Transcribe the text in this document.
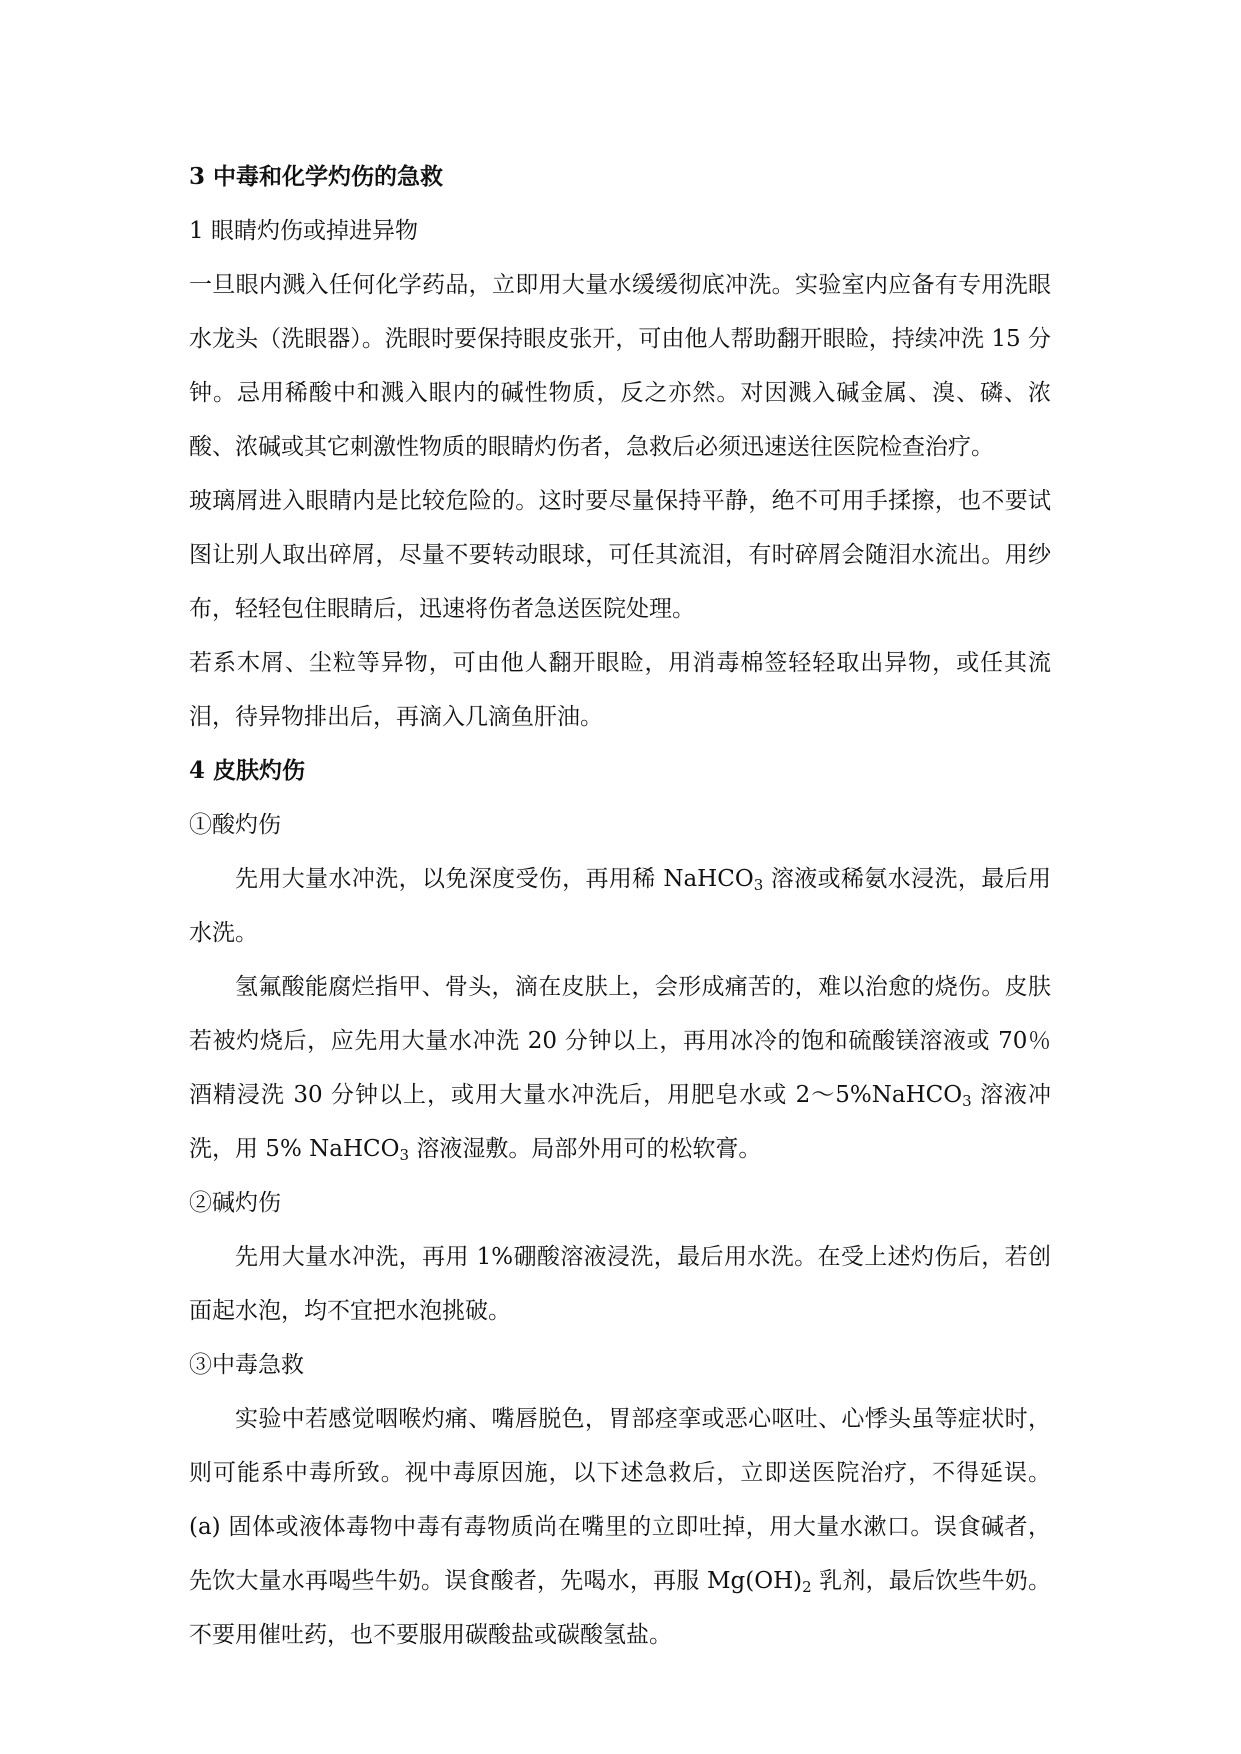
3 中毒和化学灼伤的急救

1 眼睛灼伤或掉进异物

一旦眼内溅入任何化学药品，立即用大量水缓缓彻底冲洗。实验室内应备有专用洗眼水龙头（洗眼器）。洗眼时要保持眼皮张开，可由他人帮助翻开眼睑，持续冲洗 15 分钟。忌用稀酸中和溅入眼内的碱性物质，反之亦然。对因溅入碱金属、溴、磷、浓酸、浓碱或其它刺激性物质的眼睛灼伤者，急救后必须迅速送往医院检查治疗。

玻璃屑进入眼睛内是比较危险的。这时要尽量保持平静，绝不可用手揉擦，也不要试图让别人取出碎屑，尽量不要转动眼球，可任其流泪，有时碎屑会随泪水流出。用纱布，轻轻包住眼睛后，迅速将伤者急送医院处理。

若系木屑、尘粒等异物，可由他人翻开眼睑，用消毒棉签轻轻取出异物，或任其流泪，待异物排出后，再滴入几滴鱼肝油。

4 皮肤灼伤

①酸灼伤

先用大量水冲洗，以免深度受伤，再用稀 NaHCO$_3$ 溶液或稀氨水浸洗，最后用水洗。

氢氟酸能腐烂指甲、骨头，滴在皮肤上，会形成痛苦的，难以治愈的烧伤。皮肤若被灼烧后，应先用大量水冲洗 20 分钟以上，再用冰冷的饱和硫酸镁溶液或 70％酒精浸洗 30 分钟以上，或用大量水冲洗后，用肥皂水或 2～5%NaHCO$_3$ 溶液冲洗，用 5% NaHCO$_3$ 溶液湿敷。局部外用可的松软膏。

②碱灼伤

先用大量水冲洗，再用 1%硼酸溶液浸洗，最后用水洗。在受上述灼伤后，若创面起水泡，均不宜把水泡挑破。

③中毒急救

实验中若感觉咽喉灼痛、嘴唇脱色，胃部痉挛或恶心呕吐、心悸头虽等症状时，则可能系中毒所致。视中毒原因施，以下述急救后，立即送医院治疗，不得延误。 (a) 固体或液体毒物中毒有毒物质尚在嘴里的立即吐掉，用大量水漱口。误食碱者，先饮大量水再喝些牛奶。误食酸者，先喝水，再服 $Mg(OH)_2$ 乳剂，最后饮些牛奶。不要用催吐药，也不要服用碳酸盐或碳酸氢盐。
